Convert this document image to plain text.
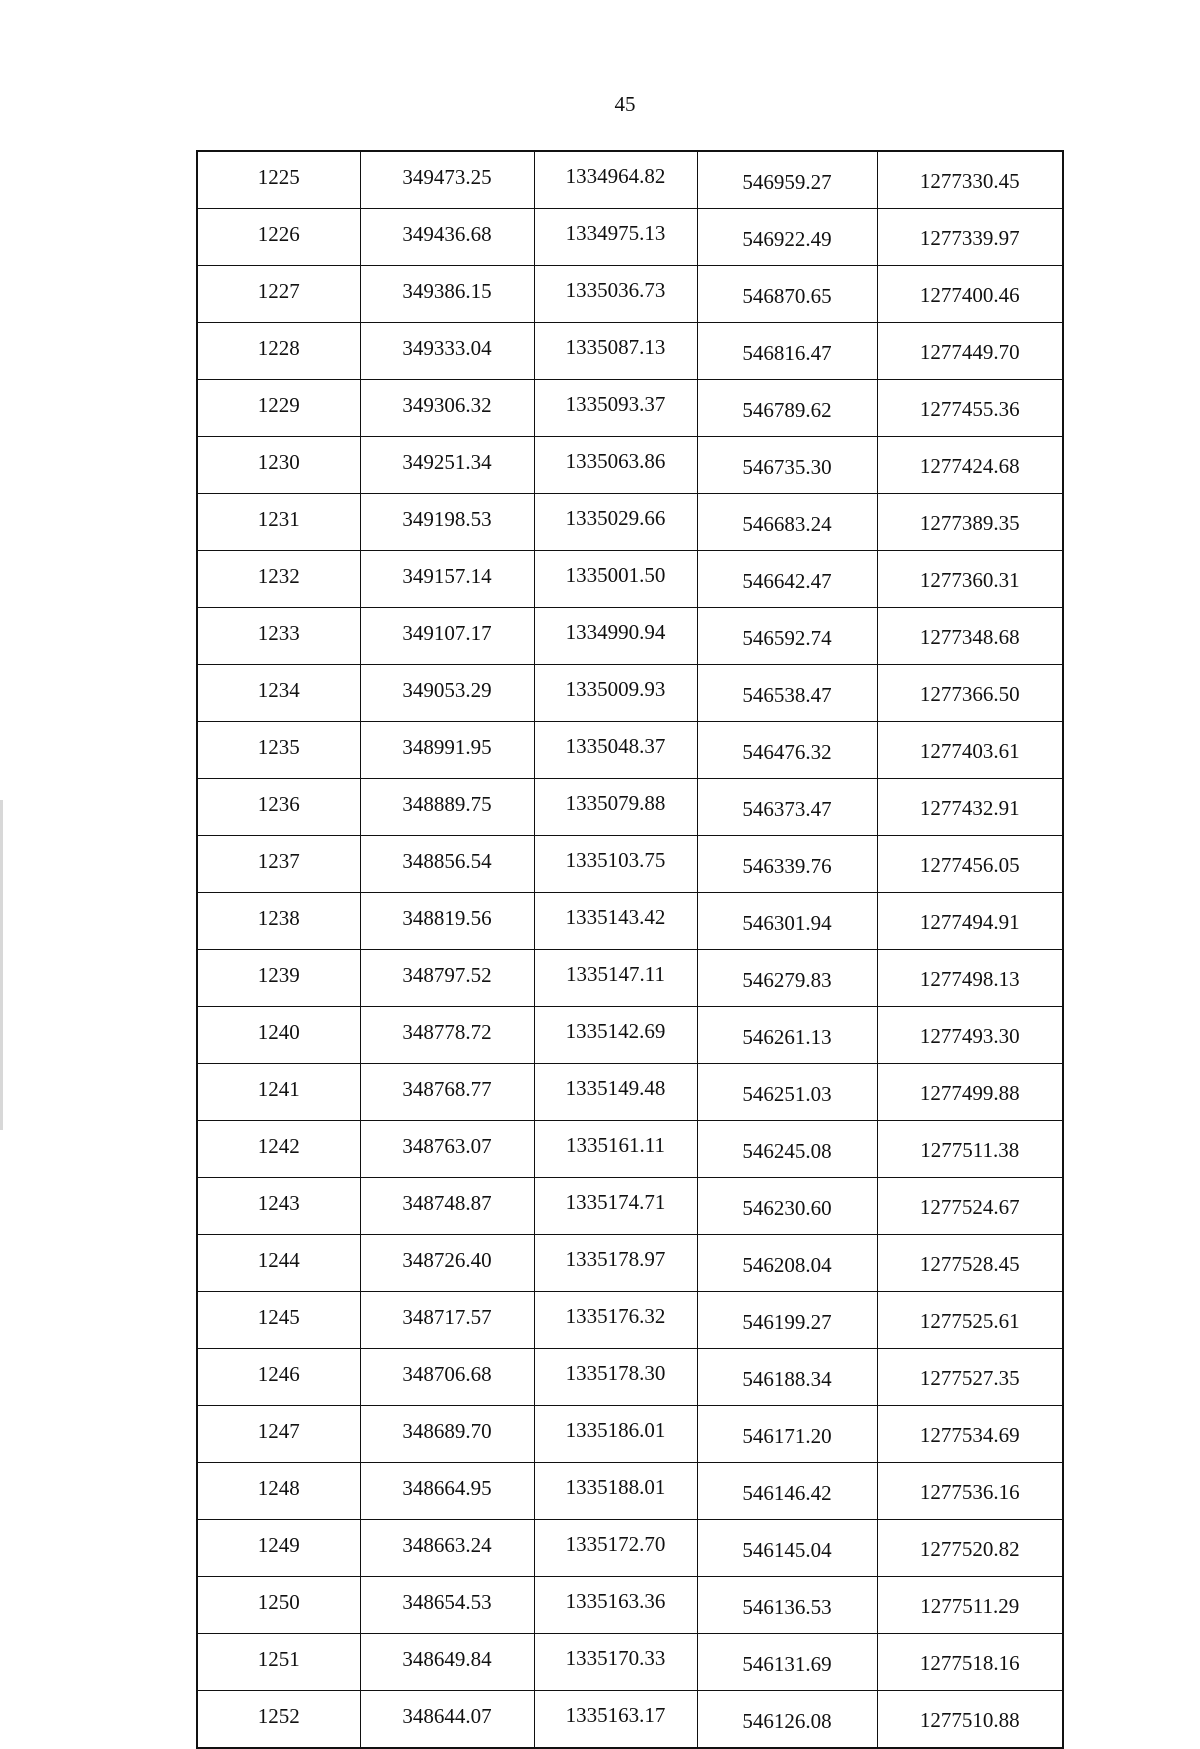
45
1225	349473.25	1334964.82	546959.27	1277330.45
1226	349436.68	1334975.13	546922.49	1277339.97
1227	349386.15	1335036.73	546870.65	1277400.46
1228	349333.04	1335087.13	546816.47	1277449.70
1229	349306.32	1335093.37	546789.62	1277455.36
1230	349251.34	1335063.86	546735.30	1277424.68
1231	349198.53	1335029.66	546683.24	1277389.35
1232	349157.14	1335001.50	546642.47	1277360.31
1233	349107.17	1334990.94	546592.74	1277348.68
1234	349053.29	1335009.93	546538.47	1277366.50
1235	348991.95	1335048.37	546476.32	1277403.61
1236	348889.75	1335079.88	546373.47	1277432.91
1237	348856.54	1335103.75	546339.76	1277456.05
1238	348819.56	1335143.42	546301.94	1277494.91
1239	348797.52	1335147.11	546279.83	1277498.13
1240	348778.72	1335142.69	546261.13	1277493.30
1241	348768.77	1335149.48	546251.03	1277499.88
1242	348763.07	1335161.11	546245.08	1277511.38
1243	348748.87	1335174.71	546230.60	1277524.67
1244	348726.40	1335178.97	546208.04	1277528.45
1245	348717.57	1335176.32	546199.27	1277525.61
1246	348706.68	1335178.30	546188.34	1277527.35
1247	348689.70	1335186.01	546171.20	1277534.69
1248	348664.95	1335188.01	546146.42	1277536.16
1249	348663.24	1335172.70	546145.04	1277520.82
1250	348654.53	1335163.36	546136.53	1277511.29
1251	348649.84	1335170.33	546131.69	1277518.16
1252	348644.07	1335163.17	546126.08	1277510.88
